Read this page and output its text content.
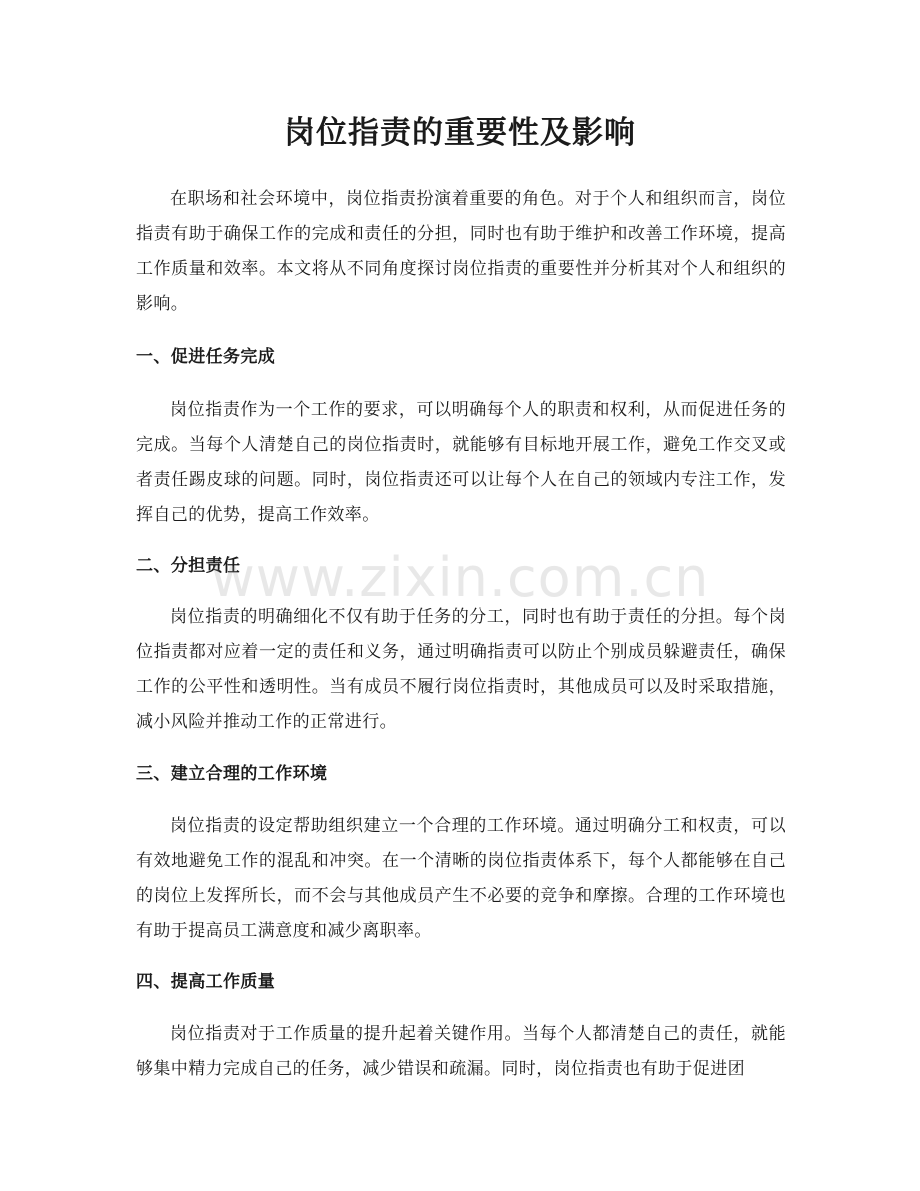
岗位指责的重要性及影响

在职场和社会环境中，岗位指责扮演着重要的角色。对于个人和组织而言，岗位指责有助于确保工作的完成和责任的分担，同时也有助于维护和改善工作环境，提高工作质量和效率。本文将从不同角度探讨岗位指责的重要性并分析其对个人和组织的影响。

一、促进任务完成

岗位指责作为一个工作的要求，可以明确每个人的职责和权利，从而促进任务的完成。当每个人清楚自己的岗位指责时，就能够有目标地开展工作，避免工作交叉或者责任踢皮球的问题。同时，岗位指责还可以让每个人在自己的领域内专注工作，发挥自己的优势，提高工作效率。

二、分担责任

岗位指责的明确细化不仅有助于任务的分工，同时也有助于责任的分担。每个岗位指责都对应着一定的责任和义务，通过明确指责可以防止个别成员躲避责任，确保工作的公平性和透明性。当有成员不履行岗位指责时，其他成员可以及时采取措施，减小风险并推动工作的正常进行。

三、建立合理的工作环境

岗位指责的设定帮助组织建立一个合理的工作环境。通过明确分工和权责，可以有效地避免工作的混乱和冲突。在一个清晰的岗位指责体系下，每个人都能够在自己的岗位上发挥所长，而不会与其他成员产生不必要的竞争和摩擦。合理的工作环境也有助于提高员工满意度和减少离职率。

四、提高工作质量

岗位指责对于工作质量的提升起着关键作用。当每个人都清楚自己的责任，就能够集中精力完成自己的任务，减少错误和疏漏。同时，岗位指责也有助于促进团

www.zixin.com.cn
